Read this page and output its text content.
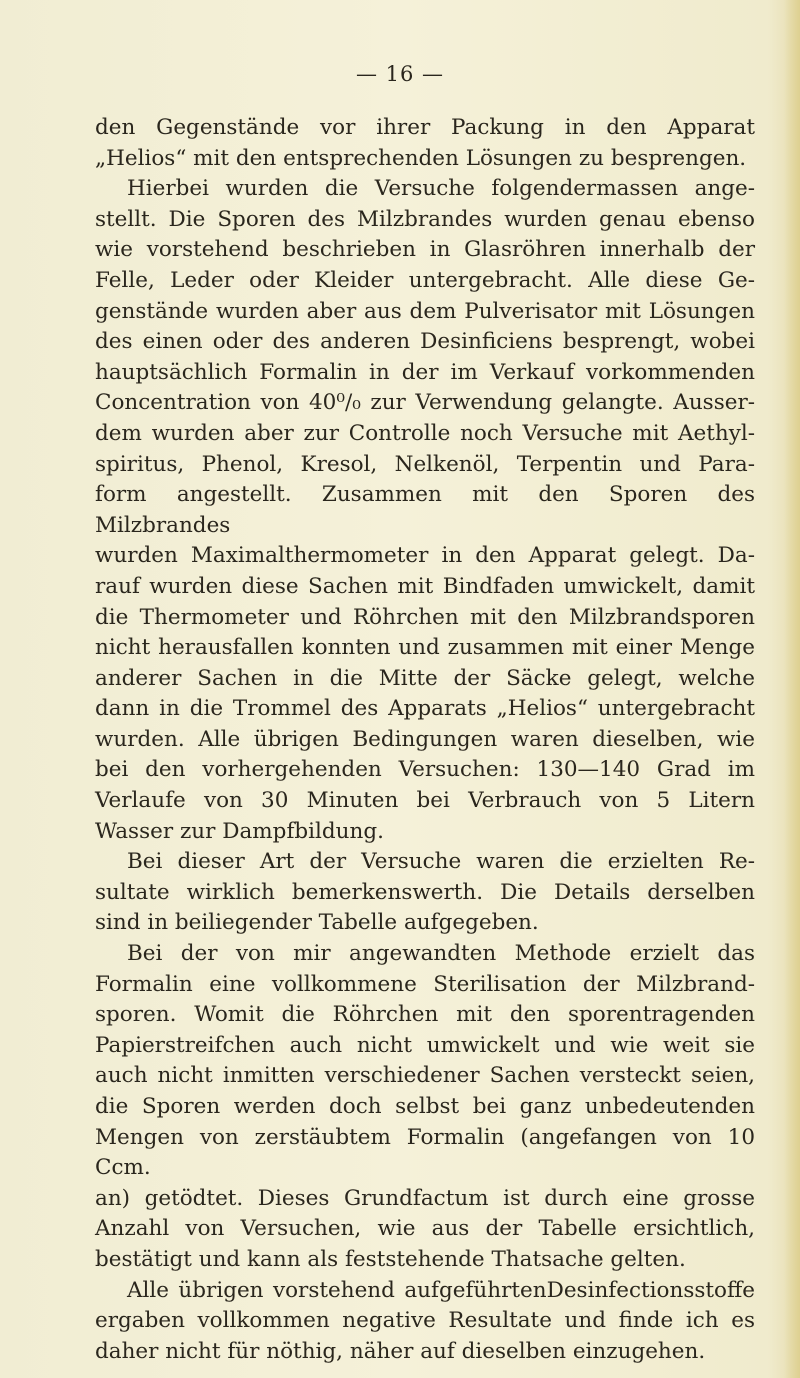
— 16 —

den Gegenstände vor ihrer Packung in den Apparat

„Helios“ mit den entsprechenden Lösungen zu besprengen.

Hierbei wurden die Versuche folgendermassen ange-

stellt. Die Sporen des Milzbrandes wurden genau ebenso

wie vorstehend beschrieben in Glasröhren innerhalb der

Felle, Leder oder Kleider untergebracht. Alle diese Ge-

genstände wurden aber aus dem Pulverisator mit Lösungen

des einen oder des anderen Desinficiens besprengt, wobei

hauptsächlich Formalin in der im Verkauf vorkommenden

Concentration von 40⁰/₀ zur Verwendung gelangte. Ausser-

dem wurden aber zur Controlle noch Versuche mit Aethyl-

spiritus, Phenol, Kresol, Nelkenöl, Terpentin und Para-

form angestellt. Zusammen mit den Sporen des Milzbrandes

wurden Maximalthermometer in den Apparat gelegt. Da-

rauf wurden diese Sachen mit Bindfaden umwickelt, damit

die Thermometer und Röhrchen mit den Milzbrandsporen

nicht herausfallen konnten und zusammen mit einer Menge

anderer Sachen in die Mitte der Säcke gelegt, welche

dann in die Trommel des Apparats „Helios“ untergebracht

wurden. Alle übrigen Bedingungen waren dieselben, wie

bei den vorhergehenden Versuchen: 130—140 Grad im

Verlaufe von 30 Minuten bei Verbrauch von 5 Litern

Wasser zur Dampfbildung.

Bei dieser Art der Versuche waren die erzielten Re-

sultate wirklich bemerkenswerth. Die Details derselben

sind in beiliegender Tabelle aufgegeben.

Bei der von mir angewandten Methode erzielt das

Formalin eine vollkommene Sterilisation der Milzbrand-

sporen. Womit die Röhrchen mit den sporentragenden

Papierstreifchen auch nicht umwickelt und wie weit sie

auch nicht inmitten verschiedener Sachen versteckt seien,

die Sporen werden doch selbst bei ganz unbedeutenden

Mengen von zerstäubtem Formalin (angefangen von 10 Ccm.

an) getödtet. Dieses Grundfactum ist durch eine grosse

Anzahl von Versuchen, wie aus der Tabelle ersichtlich,

bestätigt und kann als feststehende Thatsache gelten.

Alle übrigen vorstehend aufgeführtenDesinfectionsstoffe

ergaben vollkommen negative Resultate und finde ich es

daher nicht für nöthig, näher auf dieselben einzugehen.
